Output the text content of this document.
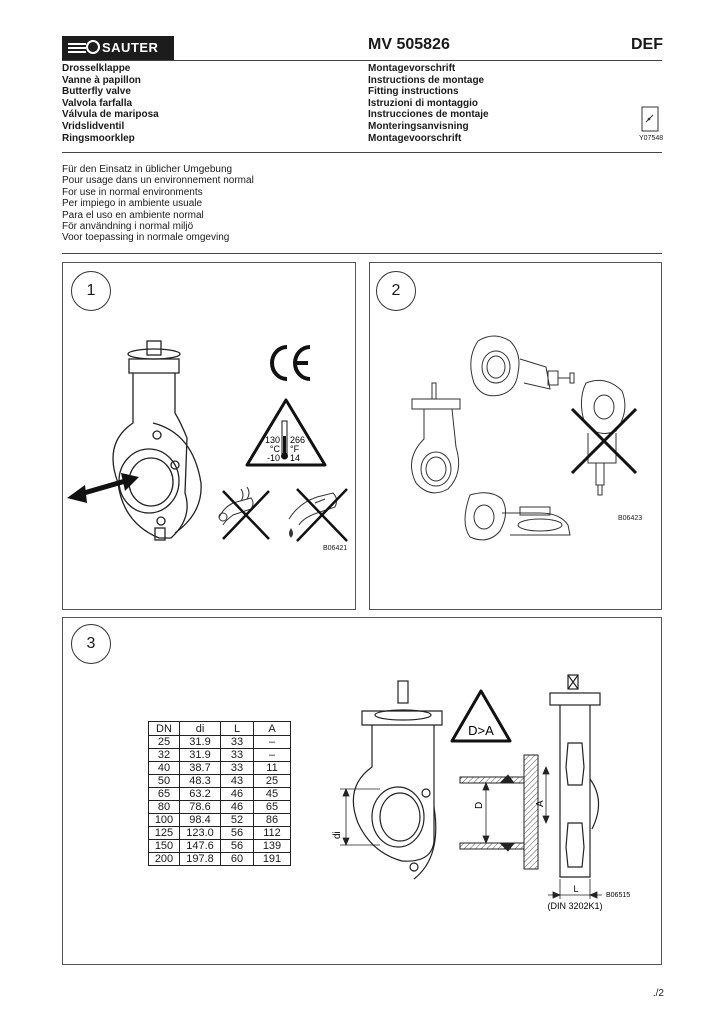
SAUTER	MV 505826	DEF
Drosselklappe
Vanne à papillon
Butterfly valve
Valvola farfalla
Válvula de mariposa
Vridslidventil
Ringsmoorklep
Montagevorschrift
Instructions de montage
Fitting instructions
Istruzioni di montaggio
Instrucciones de montaje
Monteringsanvisning
Montagevoorschrift	Y07548
Für den Einsatz in üblicher Umgebung
Pour usage dans un environnement normal
For use in normal environments
Per impiego in ambiente usuale
Para el uso en ambiente normal
För användning i normal miljö
Voor toepassing in normale omgeving
1
130 266
°C °F
-10 14
B06421
2
B06423
3
DN	di	L	A
25	31.9	33	–
32	31.9	33	–
40	38.7	33	11
50	48.3	43	25
65	63.2	46	45
80	78.6	46	65
100	98.4	52	86
125	123.0	56	112
150	147.6	56	139
200	197.8	60	191
di
D>A
D	A
L
(DIN 3202K1)
B06515
./2
